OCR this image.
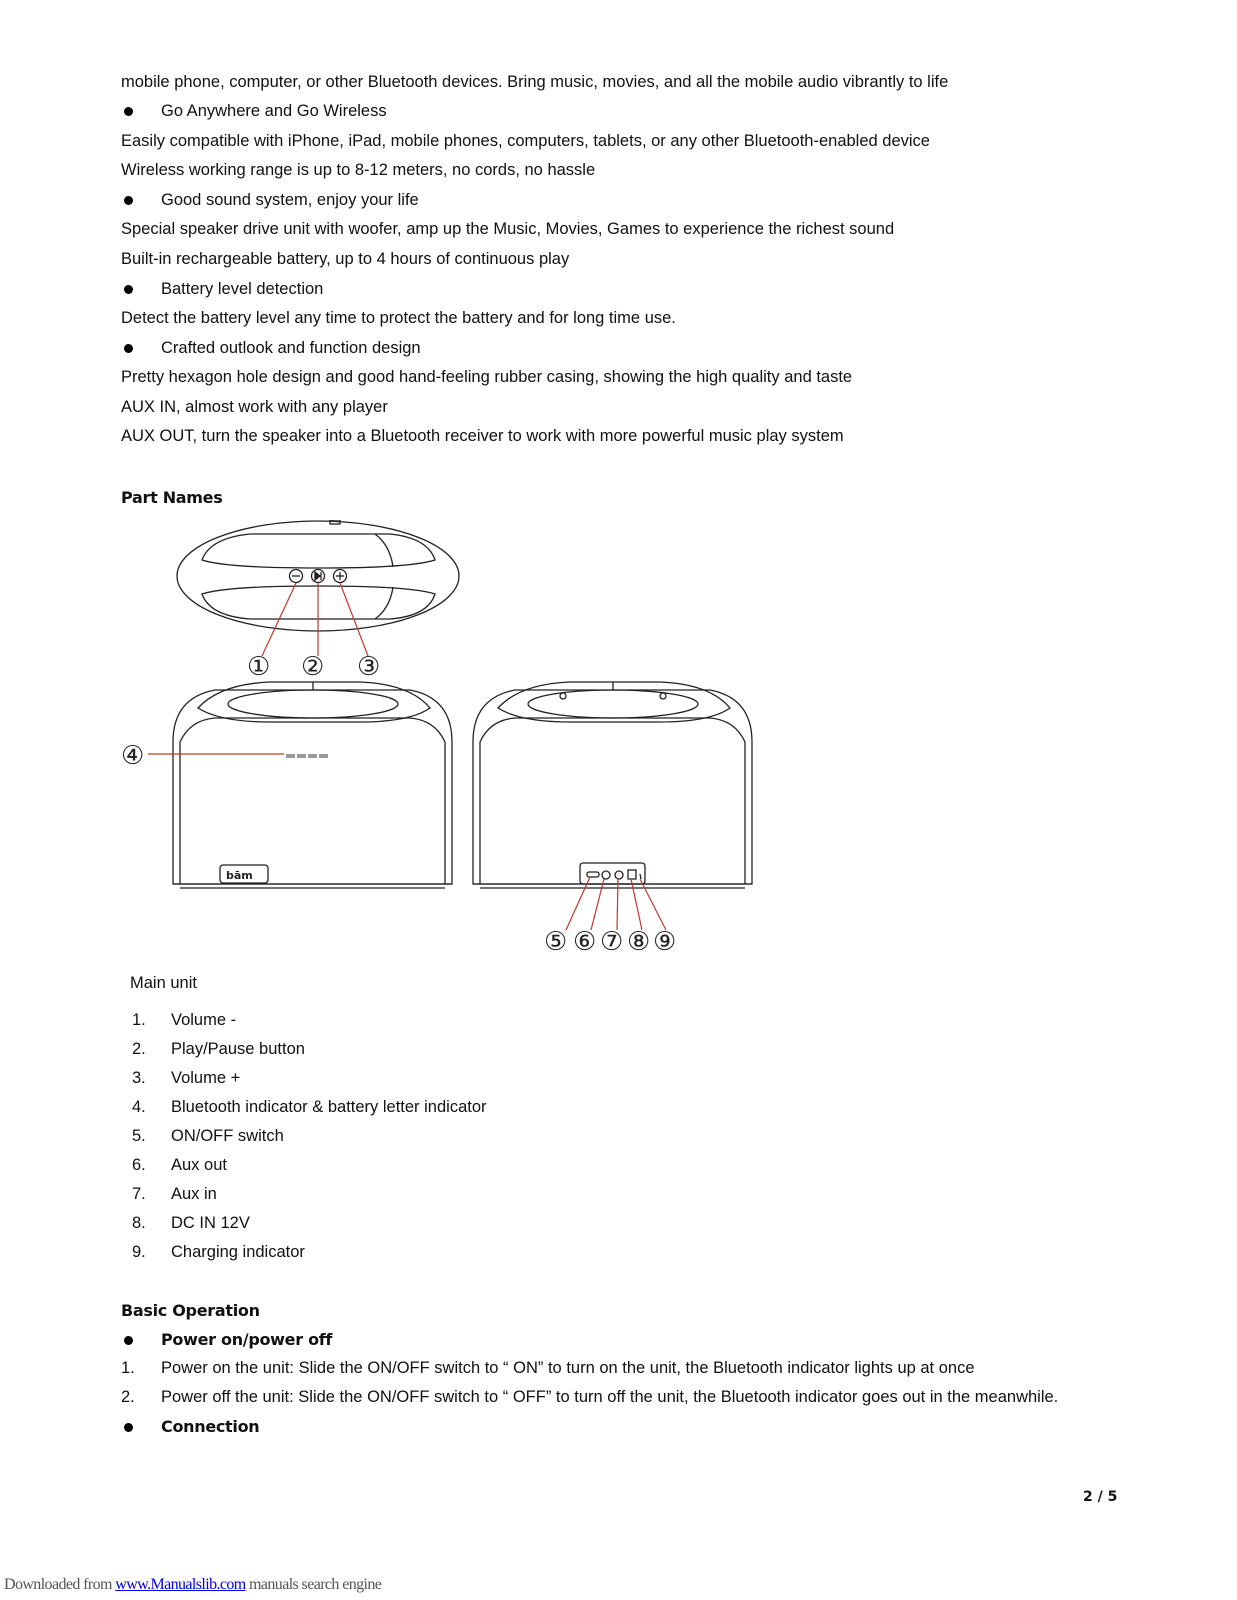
mobile phone, computer, or other Bluetooth devices. Bring music, movies, and all the mobile audio vibrantly to life
Go Anywhere and Go Wireless
Easily compatible with iPhone, iPad, mobile phones, computers, tablets, or any other Bluetooth-enabled device
Wireless working range is up to 8-12 meters, no cords, no hassle
Good sound system, enjoy your life
Special speaker drive unit with woofer, amp up the Music, Movies, Games to experience the richest sound
Built-in rechargeable battery, up to 4 hours of continuous play
Battery level detection
Detect the battery level any time to protect the battery and for long time use.
Crafted outlook and function design
Pretty hexagon hole design and good hand-feeling rubber casing, showing the high quality and taste
AUX IN, almost work with any player
AUX OUT, turn the speaker into a Bluetooth receiver to work with more powerful music play system
Part Names
① ② ③
④
⑤ ⑥ ⑦ ⑧ ⑨
bām
Main unit
1. Volume -
2. Play/Pause button
3. Volume +
4. Bluetooth indicator & battery letter indicator
5. ON/OFF switch
6. Aux out
7. Aux in
8. DC IN 12V
9. Charging indicator
Basic Operation
Power on/power off
1. Power on the unit: Slide the ON/OFF switch to “ ON” to turn on the unit, the Bluetooth indicator lights up at once
2. Power off the unit: Slide the ON/OFF switch to “ OFF” to turn off the unit, the Bluetooth indicator goes out in the meanwhile.
Connection
2 / 5
Downloaded from www.Manualslib.com manuals search engine
